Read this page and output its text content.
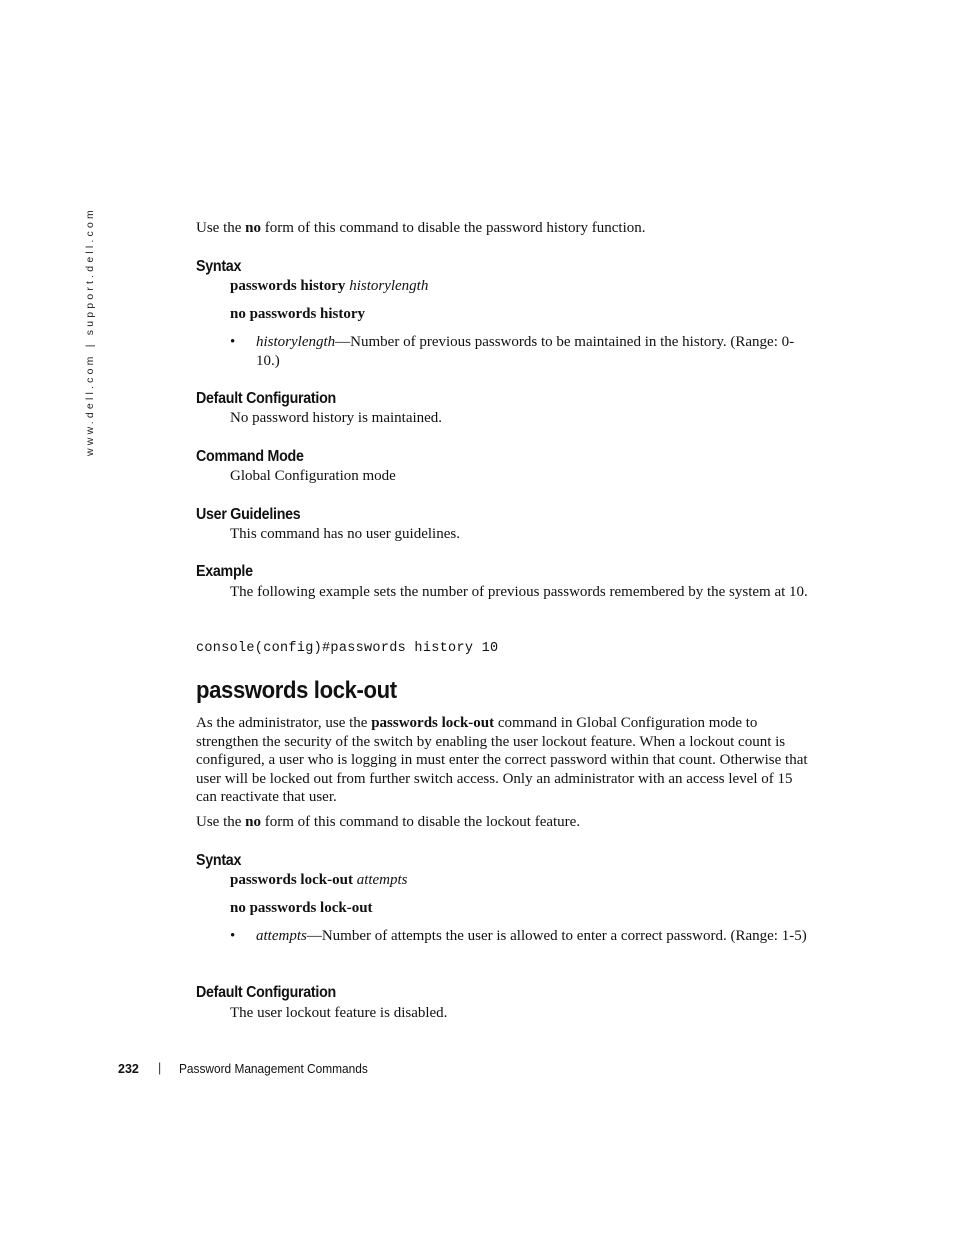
www.dell.com | support.dell.com	Use the no form of this command to disable the password history function.
Syntax
passwords history historylength
no passwords history
• historylength—Number of previous passwords to be maintained in the history. (Range: 0-10.)
Default Configuration
No password history is maintained.
Command Mode
Global Configuration mode
User Guidelines
This command has no user guidelines.
Example
The following example sets the number of previous passwords remembered by the system at 10.
console(config)#passwords history 10
passwords lock-out
As the administrator, use the passwords lock-out command in Global Configuration mode to strengthen the security of the switch by enabling the user lockout feature. When a lockout count is configured, a user who is logging in must enter the correct password within that count. Otherwise that user will be locked out from further switch access. Only an administrator with an access level of 15 can reactivate that user.
Use the no form of this command to disable the lockout feature.
Syntax
passwords lock-out attempts
no passwords lock-out
• attempts—Number of attempts the user is allowed to enter a correct password. (Range: 1-5)
Default Configuration
The user lockout feature is disabled.
232 | Password Management Commands
